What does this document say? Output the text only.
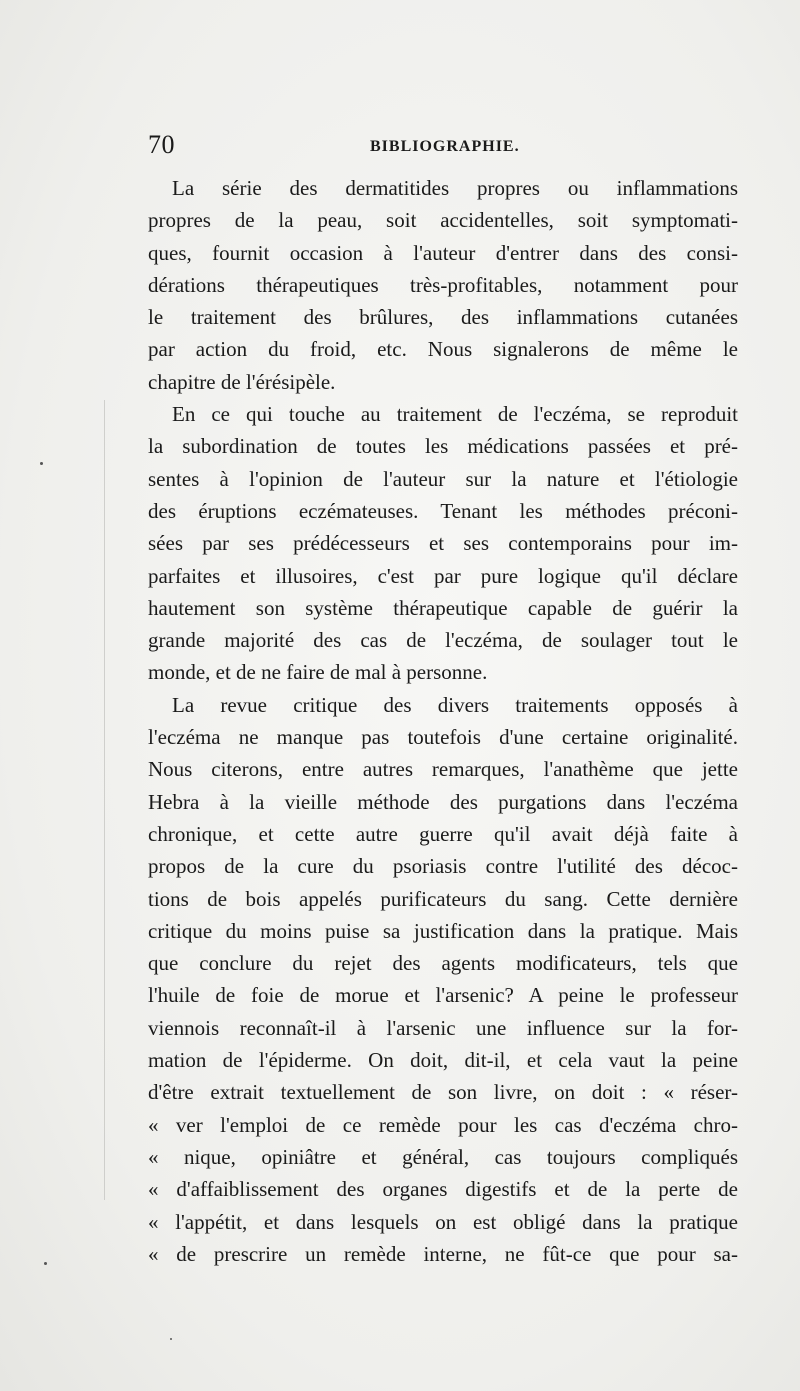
70	BIBLIOGRAPHIE.
La série des dermatitides propres ou inflammations
propres de la peau, soit accidentelles, soit symptomati-
ques, fournit occasion à l'auteur d'entrer dans des consi-
dérations thérapeutiques très-profitables, notamment pour
le traitement des brûlures, des inflammations cutanées
par action du froid, etc. Nous signalerons de même le
chapitre de l'érésipèle.
En ce qui touche au traitement de l'eczéma, se reproduit
la subordination de toutes les médications passées et pré-
sentes à l'opinion de l'auteur sur la nature et l'étiologie
des éruptions eczémateuses. Tenant les méthodes préconi-
sées par ses prédécesseurs et ses contemporains pour im-
parfaites et illusoires, c'est par pure logique qu'il déclare
hautement son système thérapeutique capable de guérir la
grande majorité des cas de l'eczéma, de soulager tout le
monde, et de ne faire de mal à personne.
La revue critique des divers traitements opposés à
l'eczéma ne manque pas toutefois d'une certaine originalité.
Nous citerons, entre autres remarques, l'anathème que jette
Hebra à la vieille méthode des purgations dans l'eczéma
chronique, et cette autre guerre qu'il avait déjà faite à
propos de la cure du psoriasis contre l'utilité des décoc-
tions de bois appelés purificateurs du sang. Cette dernière
critique du moins puise sa justification dans la pratique. Mais
que conclure du rejet des agents modificateurs, tels que
l'huile de foie de morue et l'arsenic? A peine le professeur
viennois reconnaît-il à l'arsenic une influence sur la for-
mation de l'épiderme. On doit, dit-il, et cela vaut la peine
d'être extrait textuellement de son livre, on doit : « réser-
« ver l'emploi de ce remède pour les cas d'eczéma chro-
« nique, opiniâtre et général, cas toujours compliqués
« d'affaiblissement des organes digestifs et de la perte de
« l'appétit, et dans lesquels on est obligé dans la pratique
« de prescrire un remède interne, ne fût-ce que pour sa-
